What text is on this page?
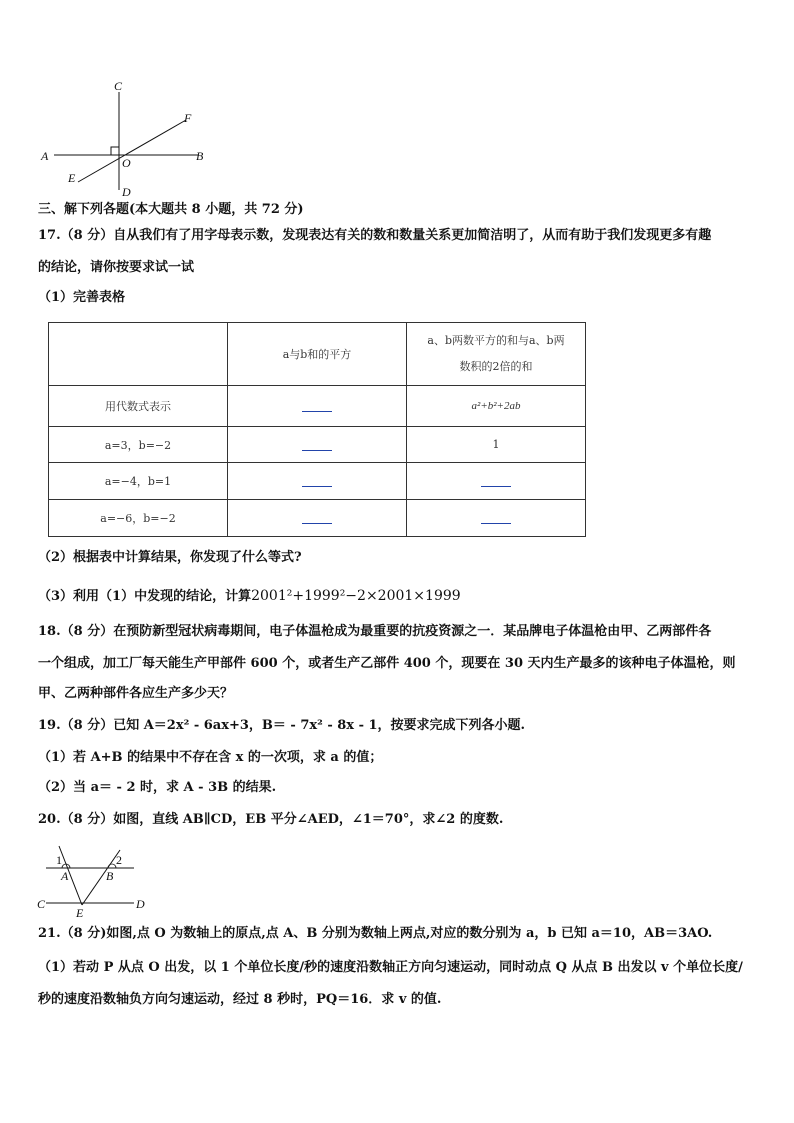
C
F
A	O	B
E
D
三、解下列各题(本大题共 8 小题，共 72 分)
17.（8 分）自从我们有了用字母表示数，发现表达有关的数和数量关系更加简洁明了，从而有助于我们发现更多有趣
的结论，请你按要求试一试
（1）完善表格
	a与b和的平方	a、b两数平方的和与a、b两
数积的2倍的和

用代数式表示		a²+b²+2ab
a=3，b=−2		1
a=−4，b=1		
a=−6，b=−2		
（2）根据表中计算结果，你发现了什么等式?
（3）利用（1）中发现的结论，计算2001²+1999²−2×2001×1999
18.（8 分）在预防新型冠状病毒期间，电子体温枪成为最重要的抗疫资源之一．某品牌电子体温枪由甲、乙两部件各
一个组成，加工厂每天能生产甲部件 600 个，或者生产乙部件 400 个，现要在 30 天内生产最多的该种电子体温枪，则
甲、乙两种部件各应生产多少天？
19.（8 分）已知 A＝2x² - 6ax+3，B＝ - 7x² - 8x - 1，按要求完成下列各小题.
（1）若 A+B 的结果中不存在含 x 的一次项，求 a 的值；
（2）当 a＝ - 2 时，求 A - 3B 的结果.
20.（8 分）如图，直线 AB∥CD，EB 平分∠AED，∠1＝70°，求∠2 的度数.
1	2
A	B
C	D
E
21.（8 分)如图,点 O 为数轴上的原点,点 A、B 分别为数轴上两点,对应的数分别为 a，b 已知 a＝10，AB＝3AO.
（1）若动 P 从点 O 出发，以 1 个单位长度/秒的速度沿数轴正方向匀速运动，同时动点 Q 从点 B 出发以 v 个单位长度/
秒的速度沿数轴负方向匀速运动，经过 8 秒时，PQ＝16．求 v 的值.
